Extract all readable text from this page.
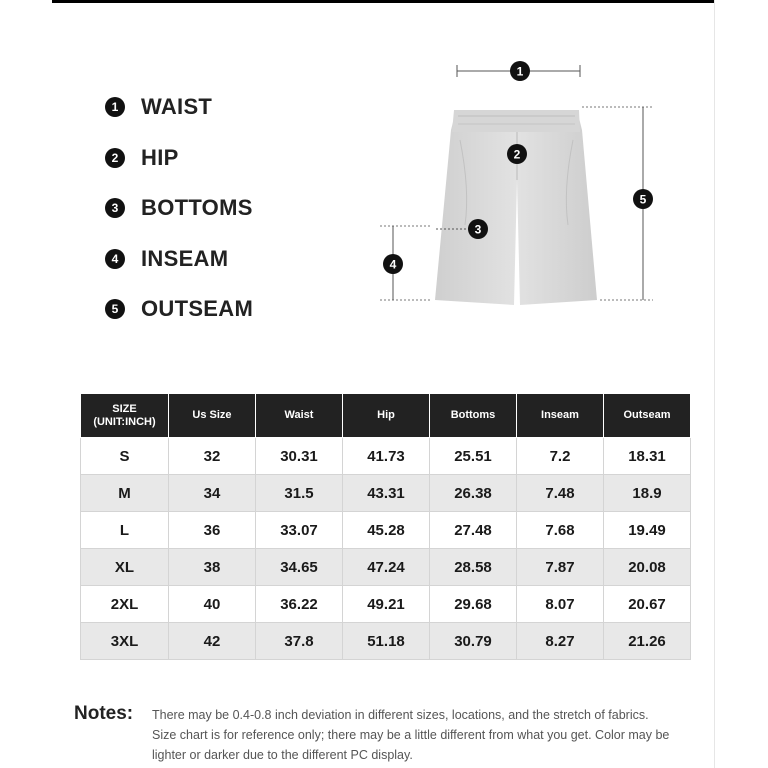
1	WAIST
2	HIP
3	BOTTOMS
4	INSEAM
5	OUTSEAM
1
2
3
4
5
SIZE
(UNIT:INCH)	Us Size	Waist	Hip	Bottoms	Inseam	Outseam
S	32	30.31	41.73	25.51	7.2	18.31
M	34	31.5	43.31	26.38	7.48	18.9
L	36	33.07	45.28	27.48	7.68	19.49
XL	38	34.65	47.24	28.58	7.87	20.08
2XL	40	36.22	49.21	29.68	8.07	20.67
3XL	42	37.8	51.18	30.79	8.27	21.26
Notes:	There may be 0.4-0.8 inch deviation in different sizes, locations, and the stretch of fabrics. Size chart is for reference only; there may be a little different from what you get. Color may be lighter or darker due to the different PC display.
